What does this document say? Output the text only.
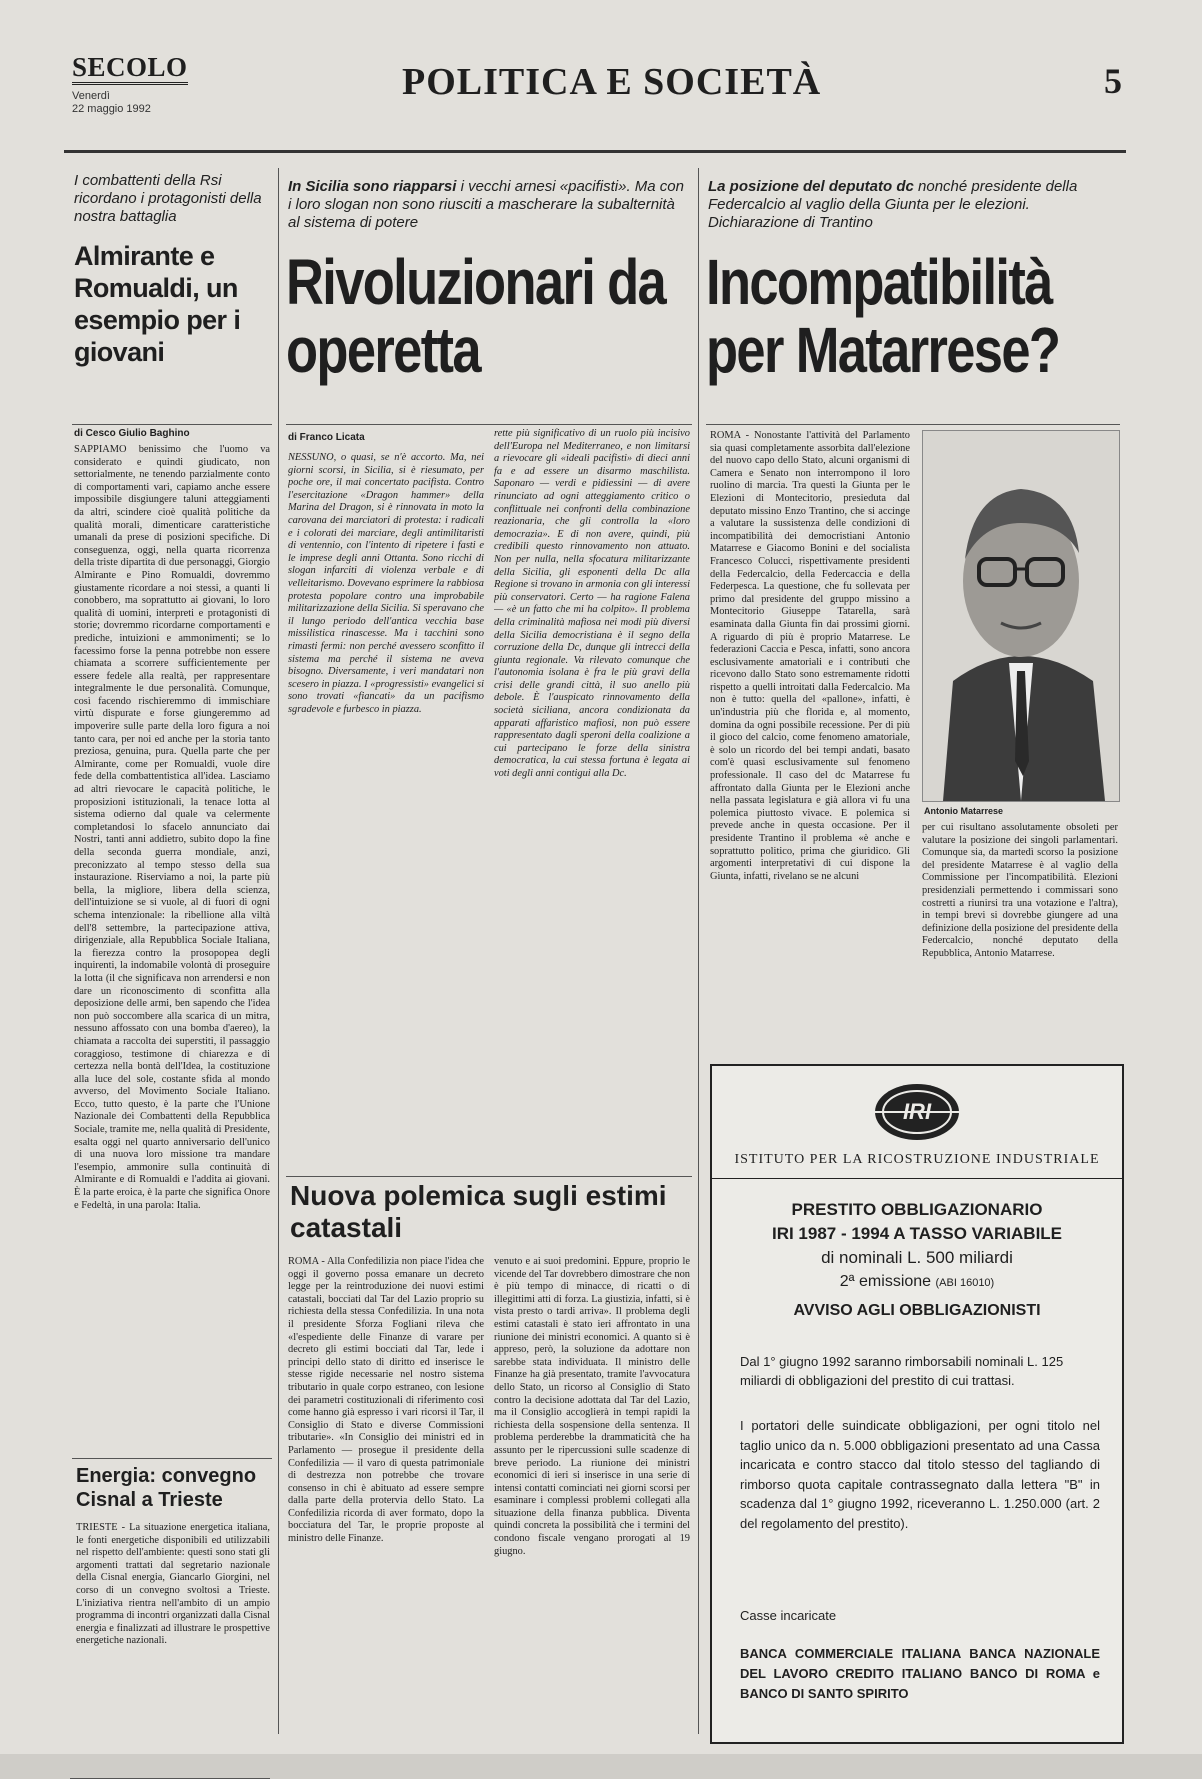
SECOLO
Venerdì
22 maggio 1992
POLITICA E SOCIETÀ	5
I combattenti della Rsi ricordano i protagonisti della nostra battaglia
Almirante e Romualdi, un esempio per i giovani
di Cesco Giulio Baghino
SAPPIAMO benissimo che l'uomo va considerato e quindi giudicato, non settorialmente, ne tenendo parzialmente conto di comportamenti vari, capiamo anche essere impossibile disgiungere taluni atteggiamenti da altri, scindere cioè qualità politiche da qualità morali, dimenticare caratteristiche umanali da prese di posizioni specifiche. Di conseguenza, oggi, nella quarta ricorrenza della triste dipartita di due personaggi, Giorgio Almirante e Pino Romualdi, dovremmo giustamente ricordare a noi stessi, a quanti li conobbero, ma soprattutto ai giovani, lo loro qualità di uomini, interpreti e protagonisti di storie; dovremmo ricordarne comportamenti e prediche, intuizioni e ammonimenti; se lo facessimo forse la penna potrebbe non essere chiamata a scorrere sufficientemente per essere fedele alla realtà, per rappresentare integralmente le due personalità. Comunque, così facendo rischieremmo di immischiare virtù dispurate e forse giungeremmo ad impoverire sulle parte della loro figura a noi tanto cara, per noi ed anche per la storia tanto preziosa, genuina, pura. Quella parte che per Almirante, come per Romualdi, vuole dire fede della combattentistica all'idea. Lasciamo ad altri rievocare le capacità politiche, le proposizioni istituzionali, la tenace lotta al sistema odierno dal quale va celermente completandosi lo sfacelo annunciato dai Nostri, tanti anni addietro, subito dopo la fine della seconda guerra mondiale, anzi, preconizzato al tempo stesso della sua instaurazione. Riserviamo a noi, la parte più bella, la migliore, libera della scienza, dell'intuizione se si vuole, al di fuori di ogni schema intenzionale: la ribellione alla viltà dell'8 settembre, la partecipazione attiva, dirigenziale, alla Repubblica Sociale Italiana, la fierezza contro la prosopopea degli inquirenti, la indomabile volontà di proseguire la lotta (il che significava non arrendersi e non dare un riconoscimento di sconfitta alla deposizione delle armi, ben sapendo che l'idea non può soccombere alla scarica di un mitra, nessuno affossato con una bomba d'aereo), la chiamata a raccolta dei superstiti, il passaggio coraggioso, testimone di chiarezza e di certezza nella bontà dell'Idea, la costituzione alla luce del sole, costante sfida al mondo avverso, del Movimento Sociale Italiano. Ecco, tutto questo, è la parte che l'Unione Nazionale dei Combattenti della Repubblica Sociale, tramite me, nella qualità di Presidente, esalta oggi nel quarto anniversario dell'unico di una nuova loro missione tra mandare l'esempio, ammonire sulla continuità di Almirante e di Romualdi e l'addita ai giovani. È la parte eroica, è la parte che significa Onore e Fedeltà, in una parola: Italia.
Energia: convegno Cisnal a Trieste
TRIESTE - La situazione energetica italiana, le fonti energetiche disponibili ed utilizzabili nel rispetto dell'ambiente: questi sono stati gli argomenti trattati dal segretario nazionale della Cisnal energia, Giancarlo Giorgini, nel corso di un convegno svoltosi a Trieste. L'iniziativa rientra nell'ambito di un ampio programma di incontri organizzati dalla Cisnal energia e finalizzati ad illustrare le prospettive energetiche nazionali.
In Sicilia sono riapparsi i vecchi arnesi «pacifisti». Ma con i loro slogan non sono riusciti a mascherare la subalternità al sistema di potere
Rivoluzionari da operetta
di Franco Licata
NESSUNO, o quasi, se n'è accorto. Ma, nei giorni scorsi, in Sicilia, si è riesumato, per poche ore, il mai concertato pacifista. Contro l'esercitazione «Dragon hammer» della Marina del Dragon, si è rinnovata in moto la carovana dei marciatori di protesta: i radicali e i colorati dei marciare, degli antimilitaristi di ventennio, con l'intento di ripetere i fasti e le imprese degli anni Ottanta. Sono ricchi di slogan infarciti di violenza verbale e di velleitarismo. Dovevano esprimere la rabbiosa protesta popolare contro una improbabile militarizzazione della Sicilia. Si speravano che il lungo periodo dell'antica vecchia base missilistica rinascesse. Ma i tacchini sono rimasti fermi: non perché avessero sconfitto il sistema ma perché il sistema ne aveva bisogno. Diversamente, i veri mandatari non scesero in piazza. I «progressisti» evangelici si sono trovati «fiancati» da un pacifismo sgradevole e furbesco in piazza.
rette più significativo di un ruolo più incisivo dell'Europa nel Mediterraneo, e non limitarsi a rievocare gli «ideali pacifisti» di dieci anni fa e ad essere un disarmo maschilista. Saponaro — verdi e pidiessini — di avere rinunciato ad ogni atteggiamento critico o conflittuale nei confronti della combinazione reazionaria, che gli controlla la «loro democrazia». E di non avere, quindi, più credibili questo rinnovamento non attuato. Non per nulla, nella sfocatura militarizzante della Sicilia, gli esponenti della Dc alla Regione si trovano in armonia con gli interessi più conservatori. Certo — ha ragione Falena — «è un fatto che mi ha colpito». Il problema della criminalità mafiosa nei modi più diversi della Sicilia democristiana è il segno della corruzione della Dc, dunque gli intrecci della giunta regionale. Va rilevato comunque che l'autonomia isolana è fra le più gravi della crisi delle grandi città, il suo anello più debole. È l'auspicato rinnovamento della società siciliana, ancora condizionata da apparati affaristico mafiosi, non può essere rappresentato dagli speroni della coalizione a cui partecipano le forze della sinistra democratica, la cui stessa fortuna è legata ai voti degli anni contigui alla Dc.
Nuova polemica sugli estimi catastali
ROMA - Alla Confedilizia non piace l'idea che oggi il governo possa emanare un decreto legge per la reintroduzione dei nuovi estimi catastali, bocciati dal Tar del Lazio proprio su richiesta della stessa Confedilizia. In una nota il presidente Sforza Fogliani rileva che «l'espediente delle Finanze di varare per decreto gli estimi bocciati dal Tar, lede i principi dello stato di diritto ed inserisce le stesse rigide necessarie nel nostro sistema tributario in quale corpo estraneo, con lesione dei parametri costituzionali di riferimento così come hanno già espresso i vari ricorsi il Tar, il Consiglio di Stato e diverse Commissioni tributarie». «In Consiglio dei ministri ed in Parlamento — prosegue il presidente della Confedilizia — il varo di questa patrimoniale di destrezza non potrebbe che trovare consenso in chi è abituato ad essere sempre dalla parte della protervia dello Stato. La Confedilizia ricorda di aver formato, dopo la bocciatura del Tar, le proprie proposte al ministro delle Finanze.
venuto e ai suoi predomini. Eppure, proprio le vicende del Tar dovrebbero dimostrare che non è più tempo di minacce, di ricatti o di illegittimi atti di forza. La giustizia, infatti, si è vista presto o tardi arriva». Il problema degli estimi catastali è stato ieri affrontato in una riunione dei ministri economici. A quanto si è appreso, però, la soluzione da adottare non sarebbe stata individuata. Il ministro delle Finanze ha già presentato, tramite l'avvocatura dello Stato, un ricorso al Consiglio di Stato contro la decisione adottata dal Tar del Lazio, ma il Consiglio accoglierà in tempi rapidi la richiesta della sospensione della sentenza. Il problema perderebbe la drammaticità che ha assunto per le ripercussioni sulle scadenze di breve periodo. La riunione dei ministri economici di ieri si inserisce in una serie di intensi contatti cominciati nei giorni scorsi per esaminare i complessi problemi collegati alla situazione della finanza pubblica. Diventa quindi concreta la possibilità che i termini del condono fiscale vengano prorogati al 19 giugno.
La posizione del deputato dc nonché presidente della Federcalcio al vaglio della Giunta per le elezioni. Dichiarazione di Trantino
Incompatibilità per Matarrese?
ROMA - Nonostante l'attività del Parlamento sia quasi completamente assorbita dall'elezione del nuovo capo dello Stato, alcuni organismi di Camera e Senato non interrompono il loro ruolino di marcia. Tra questi la Giunta per le Elezioni di Montecitorio, presieduta dal deputato missino Enzo Trantino, che si accinge a valutare la sussistenza delle condizioni di incompatibilità dei democristiani Antonio Matarrese e Giacomo Bonini e del socialista Francesco Colucci, rispettivamente presidenti della Federcalcio, della Federcaccia e della Federpesca. La questione, che fu sollevata per primo dal presidente del gruppo missino a Montecitorio Giuseppe Tatarella, sarà esaminata dalla Giunta fin dai prossimi giorni. A riguardo di più è proprio Matarrese. Le federazioni Caccia e Pesca, infatti, sono ancora esclusivamente amatoriali e i contributi che ricevono dallo Stato sono estremamente ridotti rispetto a quelli introitati dalla Federcalcio. Ma non è tutto: quella del «pallone», infatti, è un'industria più che florida e, al momento, domina da ogni possibile recessione. Per di più il gioco del calcio, come fenomeno amatoriale, è solo un ricordo del bei tempi andati, basato com'è quasi esclusivamente sul fenomeno professionale. Il caso del dc Matarrese fu affrontato dalla Giunta per le Elezioni anche nella passata legislatura e già allora vi fu una polemica piuttosto vivace. E polemica si prevede anche in questa occasione. Per il presidente Trantino il problema «è anche e soprattutto politico, prima che giuridico. Gli argomenti interpretativi di cui dispone la Giunta, infatti, rivelano se ne alcuni
Antonio Matarrese
per cui risultano assolutamente obsoleti per valutare la posizione dei singoli parlamentari. Comunque sia, da martedì scorso la posizione del presidente Matarrese è al vaglio della Commissione per l'incompatibilità. Elezioni presidenziali permettendo i commissari sono costretti a riunirsi tra una votazione e l'altra), in tempi brevi si dovrebbe giungere ad una definizione della posizione del presidente della Federcalcio, nonché deputato della Repubblica, Antonio Matarrese.
IRI
ISTITUTO PER LA RICOSTRUZIONE INDUSTRIALE
PRESTITO OBBLIGAZIONARIO
IRI 1987 - 1994 A TASSO VARIABILE
di nominali L. 500 miliardi
2ª emissione (ABI 16010)
AVVISO AGLI OBBLIGAZIONISTI
Dal 1° giugno 1992 saranno rimborsabili nominali L. 125 miliardi di obbligazioni del prestito di cui trattasi.
I portatori delle suindicate obbligazioni, per ogni titolo nel taglio unico da n. 5.000 obbligazioni presentato ad una Cassa incaricata e contro stacco dal titolo stesso del tagliando di rimborso quota capitale contrassegnato dalla lettera "B" in scadenza dal 1° giugno 1992, riceveranno L. 1.250.000 (art. 2 del regolamento del prestito).
Casse incaricate
BANCA COMMERCIALE ITALIANA BANCA NAZIONALE DEL LAVORO CREDITO ITALIANO BANCO DI ROMA e BANCO DI SANTO SPIRITO
